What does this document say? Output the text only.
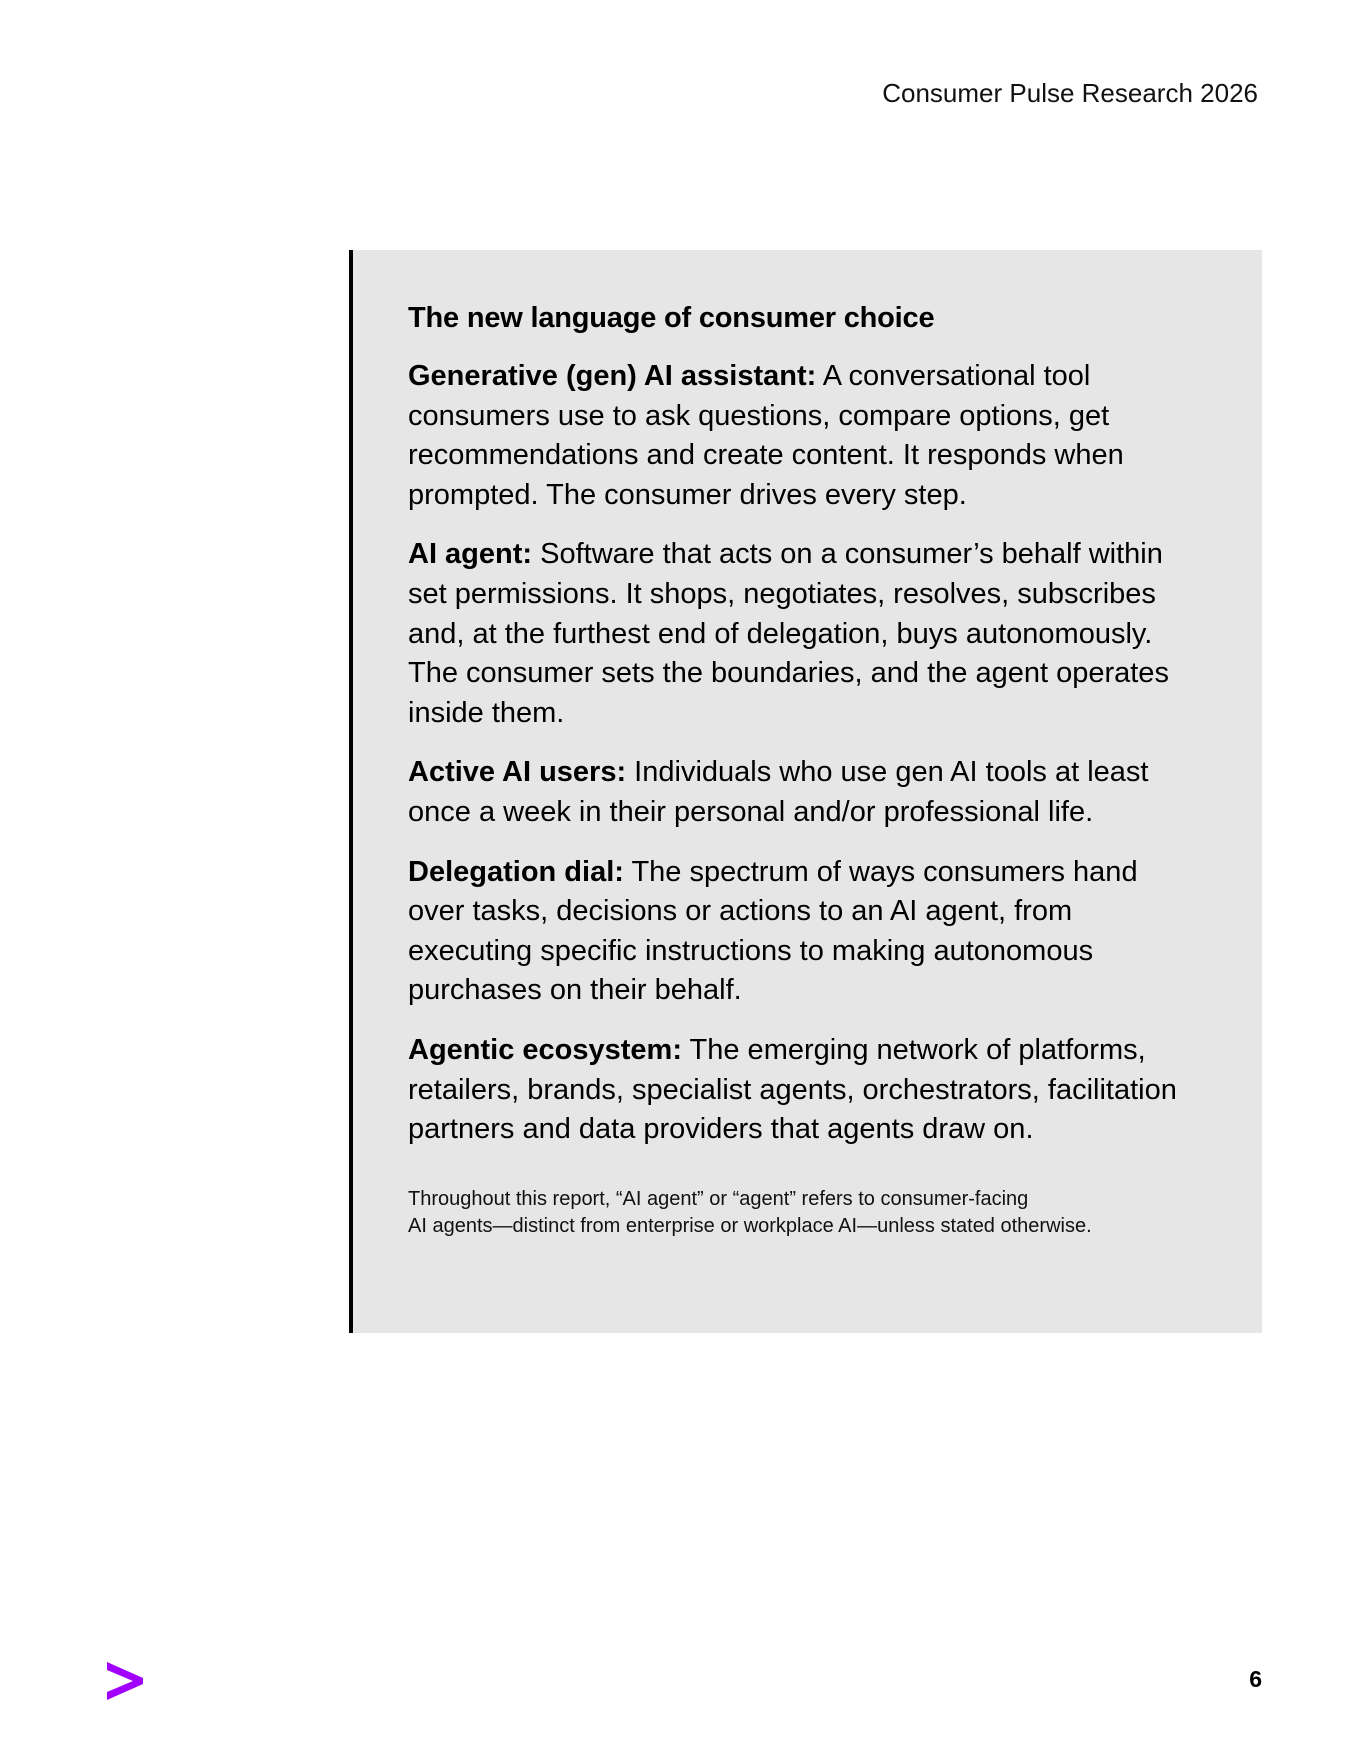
Consumer Pulse Research 2026
The new language of consumer choice

Generative (gen) AI assistant: A conversational tool consumers use to ask questions, compare options, get recommendations and create content. It responds when prompted. The consumer drives every step.

AI agent: Software that acts on a consumer’s behalf within set permissions. It shops, negotiates, resolves, subscribes and, at the furthest end of delegation, buys autonomously. The consumer sets the boundaries, and the agent operates inside them.

Active AI users: Individuals who use gen AI tools at least once a week in their personal and/or professional life.

Delegation dial: The spectrum of ways consumers hand over tasks, decisions or actions to an AI agent, from executing specific instructions to making autonomous purchases on their behalf.

Agentic ecosystem: The emerging network of platforms, retailers, brands, specialist agents, orchestrators, facilitation partners and data providers that agents draw on.

Throughout this report, “AI agent” or “agent” refers to consumer-facing
AI agents—distinct from enterprise or workplace AI—unless stated otherwise.

6
